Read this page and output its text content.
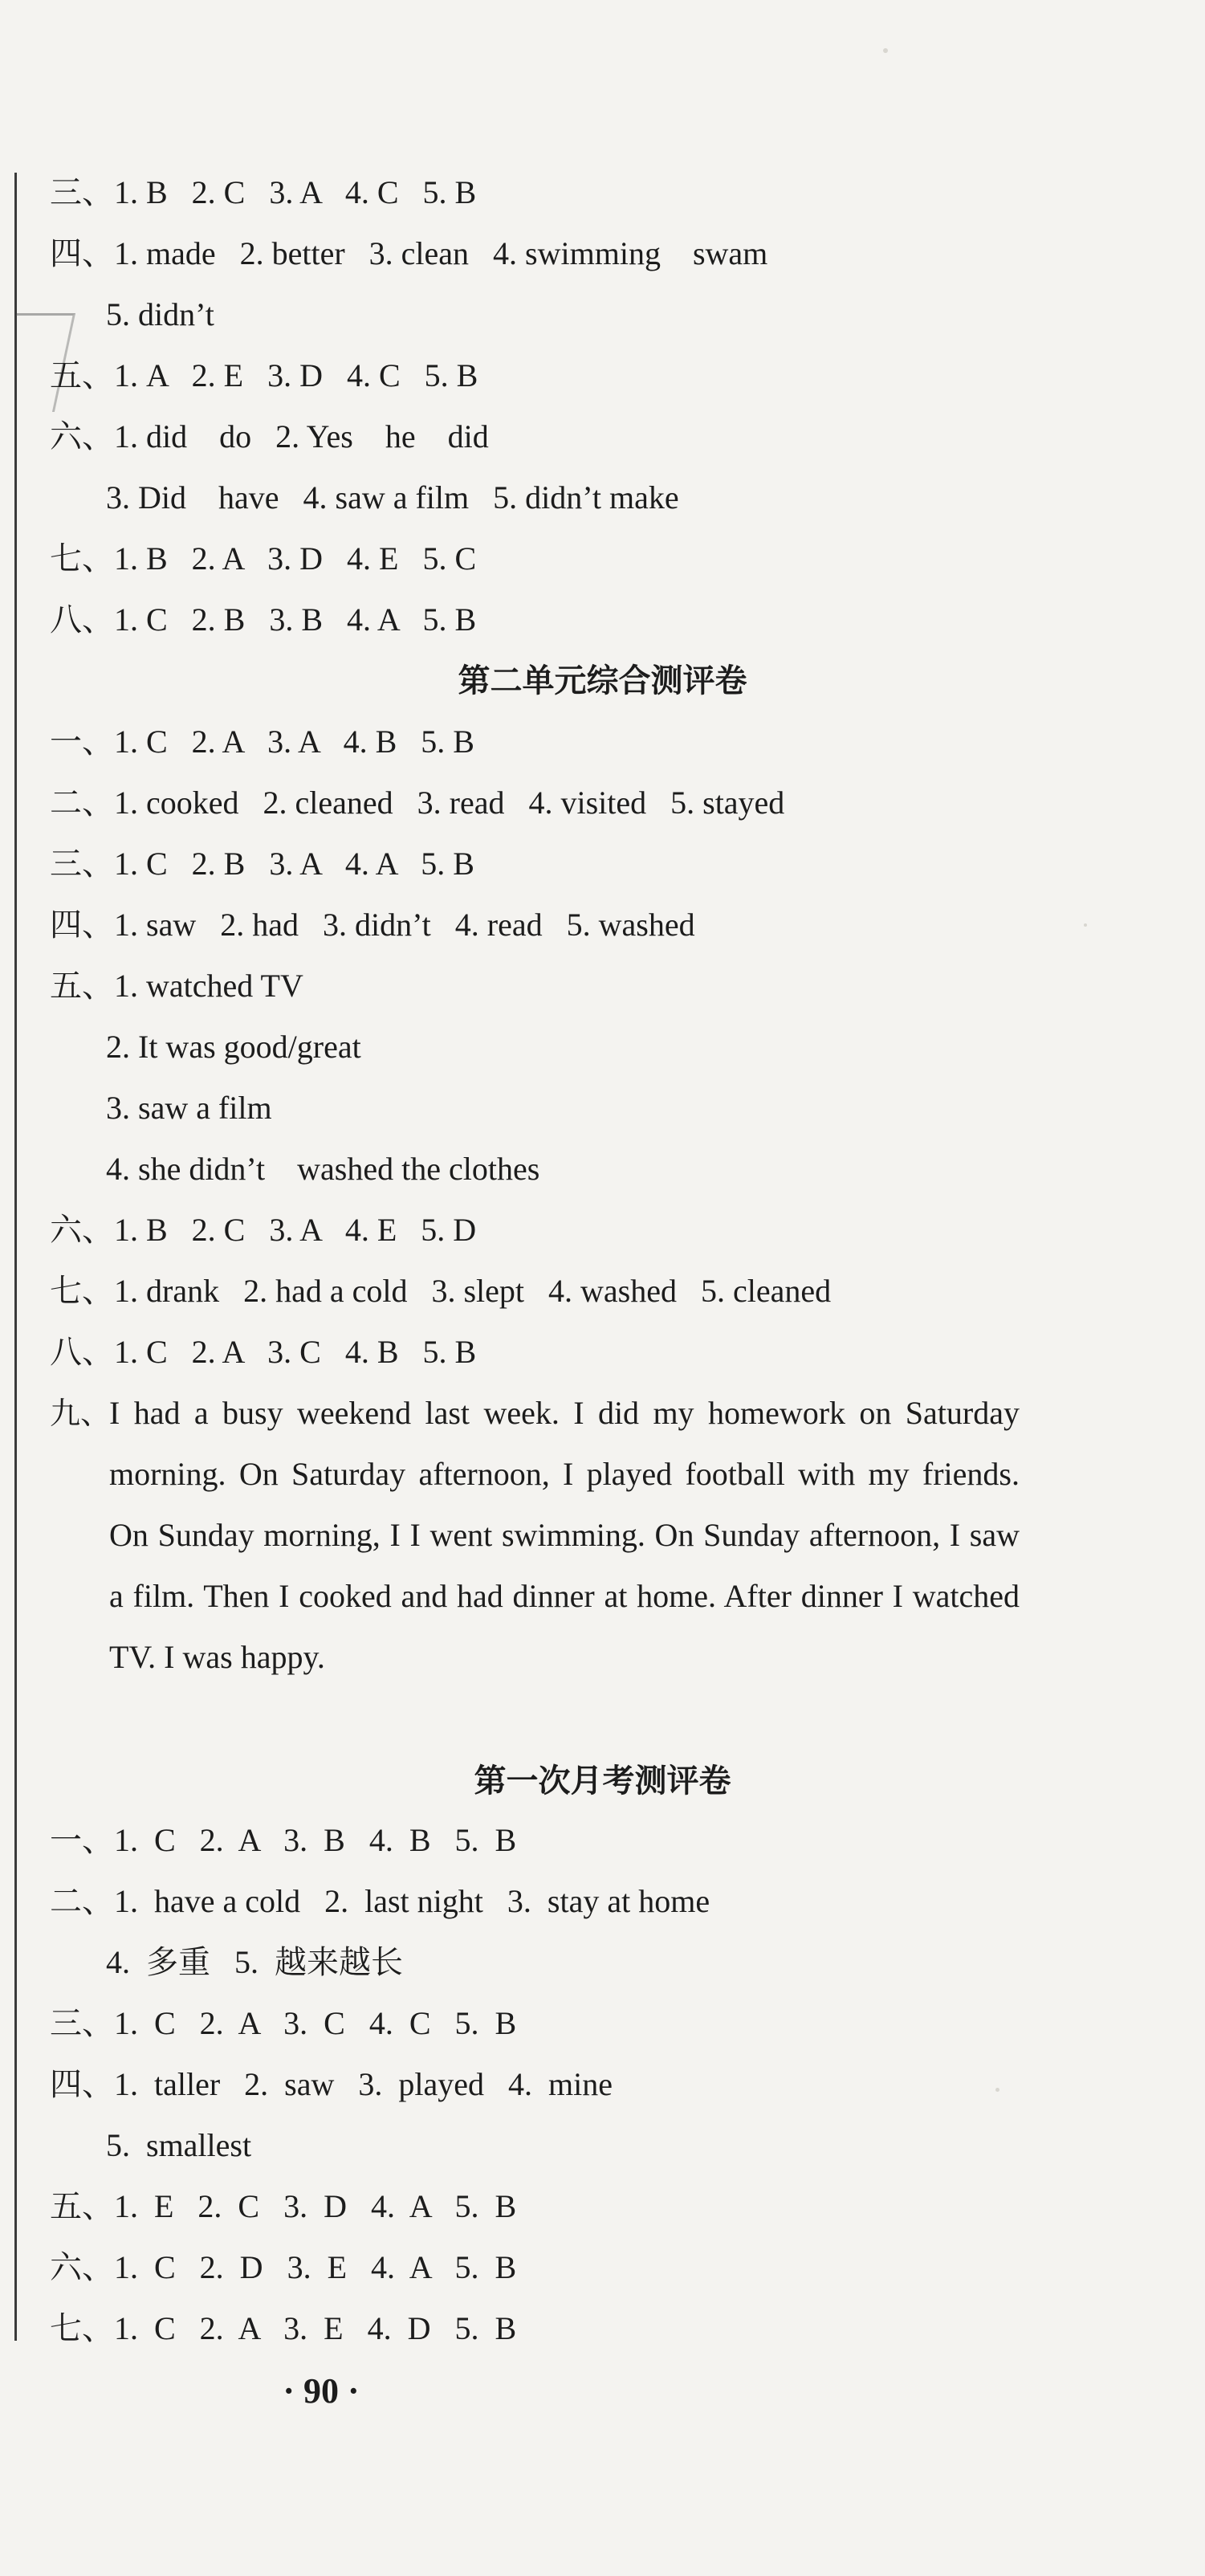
三、1. B   2. C   3. A   4. C   5. B
四、1. made   2. better   3. clean   4. swimming    swam
5. didn’t
五、1. A   2. E   3. D   4. C   5. B
六、1. did    do   2. Yes    he    did
3. Did    have   4. saw a film   5. didn’t make
七、1. B   2. A   3. D   4. E   5. C
八、1. C   2. B   3. B   4. A   5. B
第二单元综合测评卷
一、1. C   2. A   3. A   4. B   5. B
二、1. cooked   2. cleaned   3. read   4. visited   5. stayed
三、1. C   2. B   3. A   4. A   5. B
四、1. saw   2. had   3. didn’t   4. read   5. washed
五、1. watched TV
2. It was good/great
3. saw a film
4. she didn’t    washed the clothes
六、1. B   2. C   3. A   4. E   5. D
七、1. drank   2. had a cold   3. slept   4. washed   5. cleaned
八、1. C   2. A   3. C   4. B   5. B
九、
I had a busy weekend last week. I did my homework on Saturday morning. On Saturday afternoon, I played football with my friends. On Sunday morning, I I went swimming. On Sunday afternoon, I saw a film. Then I cooked and had dinner at home. After dinner I watched TV. I was happy.
第一次月考测评卷
一、1.  C   2.  A   3.  B   4.  B   5.  B
二、1.  have a cold   2.  last night   3.  stay at home
4.  多重   5.  越来越长
三、1.  C   2.  A   3.  C   4.  C   5.  B
四、1.  taller   2.  saw   3.  played   4.  mine
5.  smallest
五、1.  E   2.  C   3.  D   4.  A   5.  B
六、1.  C   2.  D   3.  E   4.  A   5.  B
七、1.  C   2.  A   3.  E   4.  D   5.  B
· 90 ·
